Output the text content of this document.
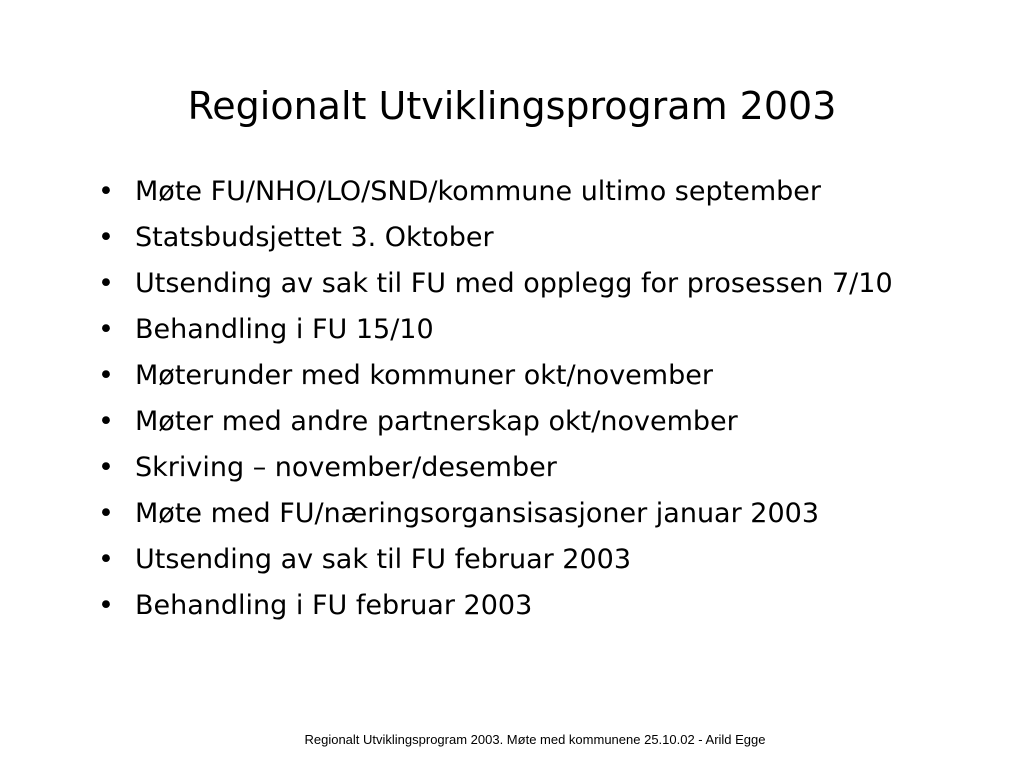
Regionalt Utviklingsprogram 2003
• Møte FU/NHO/LO/SND/kommune ultimo september
• Statsbudsjettet 3. Oktober
• Utsending av sak til FU med opplegg for prosessen 7/10
• Behandling i FU 15/10
• Møterunder med kommuner okt/november
• Møter med andre partnerskap okt/november
• Skriving – november/desember
• Møte med FU/næringsorgansisasjoner januar 2003
• Utsending av sak til FU februar 2003
• Behandling i FU februar 2003
Regionalt Utviklingsprogram 2003. Møte med kommunene 25.10.02 - Arild Egge
